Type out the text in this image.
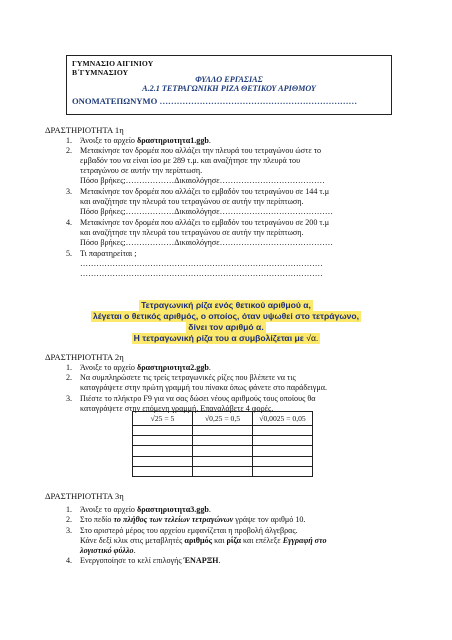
ΓΥΜΝΑΣΙΟ ΑΙΓΙΝΙΟΥ
Β΄ΓΥΜΝΑΣΙΟΥ
ΦΥΛΛΟ ΕΡΓΑΣΙΑΣ
Α.2.1 ΤΕΤΡΑΓΩΝΙΚΗ ΡΙΖΑ ΘΕΤΙΚΟΥ ΑΡΙΘΜΟΥ
ΟΝΟΜΑΤΕΠΩΝΥΜΟ ……………………………………………………………
ΔΡΑΣΤΗΡΙΟΤΗΤΑ 1η
1. Άνοιξε το αρχείο δραστηριοτητα1.ggb.
2. Μετακίνησε τον δρομέα που αλλάζει την πλευρά του τετραγώνου ώστε το
εμβαδόν του να είναι ίσο με 289 τ.μ. και αναζήτησε την πλευρά του
τετραγώνου σε αυτήν την περίπτωση.
Πόσο βρήκες;………………Δικαιολόγησε…………………………………
3. Μετακίνησε τον δρομέα που αλλάζει το εμβαδόν του τετραγώνου σε 144 τ.μ
και αναζήτησε την πλευρά του τετραγώνου σε αυτήν την περίπτωση.
Πόσο βρήκες;………………Δικαιολόγησε……………………………………
4. Μετακίνησε τον δρομέα που αλλάζει το εμβαδόν του τετραγώνου σε 200 τ.μ
και αναζήτησε την πλευρά του τετραγώνου σε αυτήν την περίπτωση.
Πόσο βρήκες;………………Δικαιολόγησε……………………………………
5. Τι παρατηρείται ;
………………………………………………………………………………
………………………………………………………………………………
Τετραγωνική ρίζα ενός θετικού αριθμού α,
λέγεται ο θετικός αριθμός, ο οποίος, όταν υψωθεί στο τετράγωνο,
δίνει τον αριθμό α.
Η τετραγωνική ρίζα του α συμβολίζεται με √α.
ΔΡΑΣΤΗΡΙΟΤΗΤΑ 2η
1. Άνοιξε το αρχείο δραστηριοτητα2.ggb.
2. Να συμπληρώσετε τις τρείς τετραγωνικές ρίζες που βλέπετε να τις
καταγράψετε στην πρώτη γραμμή του πίνακα όπως φάνετε στο παράδειγμα.
3. Πιέστε το πλήκτρο F9 για να σας δώσει νέους αριθμούς τους οποίους θα
καταγράψετε στην επόμενη γραμμή. Επαναλάβετε 4 φορές.
√25 = 5	√0,25 = 0,5	√0,0025 = 0,05

ΔΡΑΣΤΗΡΙΟΤΗΤΑ 3η
1. Άνοιξε το αρχείο δραστηριοτητα3.ggb.
2. Στο πεδίο το πλήθος των τελείων τετραγώνων γράψε τον αριθμό 10.
3. Στο αριστερό μέρος του αρχείου εμφανίζεται η προβολή άλγεβρας.
Κάνε δεξί κλικ στις μεταβλητές αριθμός και ρίζα και επέλεξε Εγγραφή στο
λογιστικό φύλλο.
4. Ενεργοποίησε το κελί επιλογής ΈΝΑΡΞΗ.
